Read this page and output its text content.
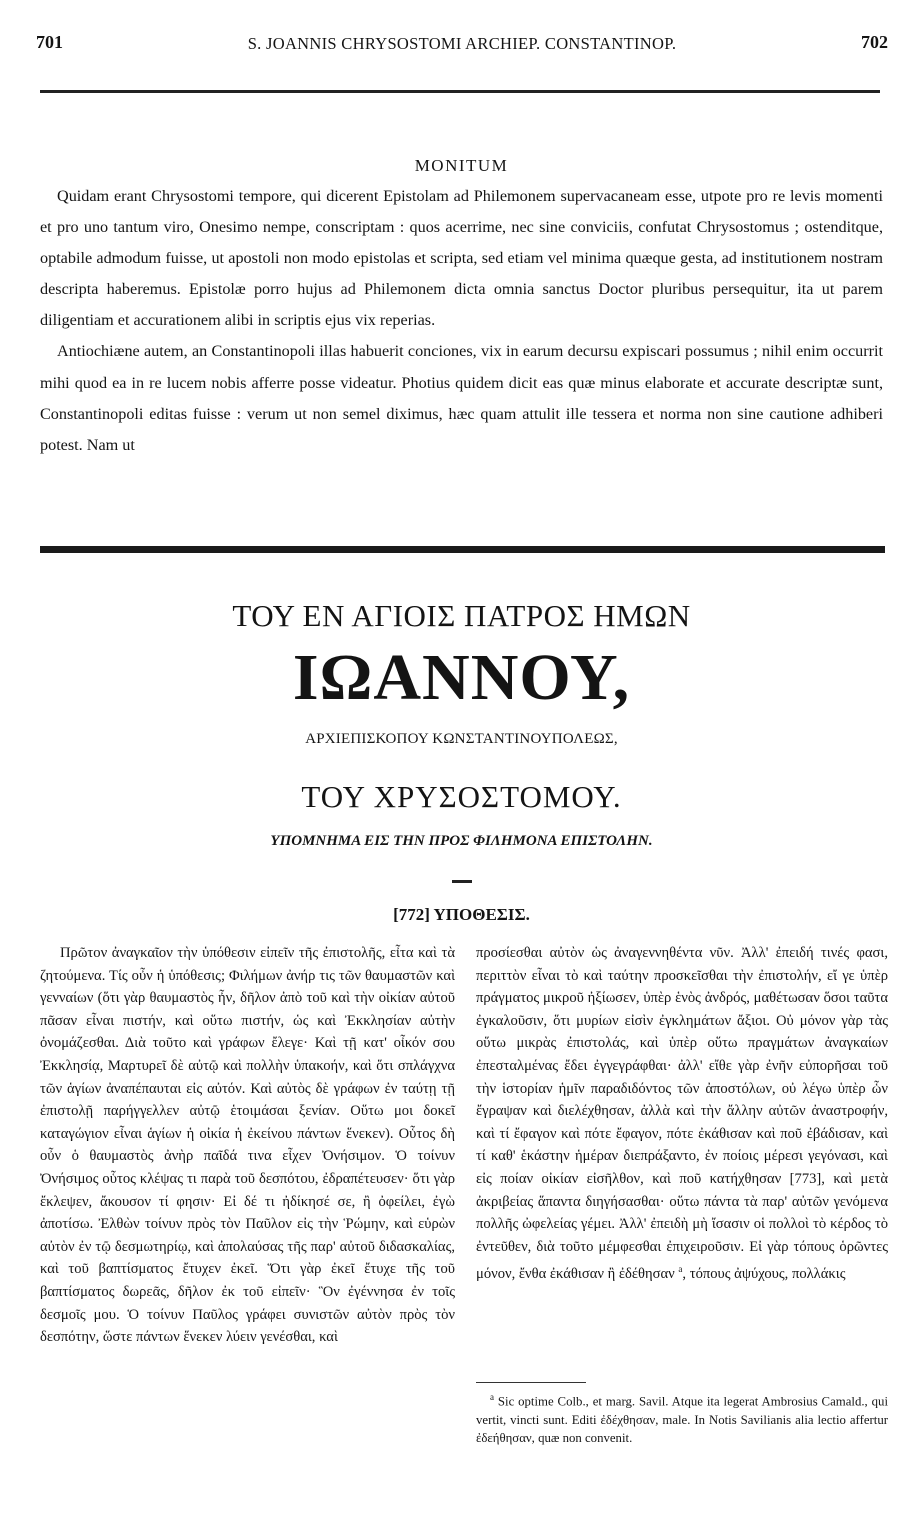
701	S. JOANNIS CHRYSOSTOMI ARCHIEP. CONSTANTINOP.	702
MONITUM

Quidam erant Chrysostomi tempore, qui dicerent Epistolam ad Philemonem supervacaneam esse, utpote pro re levis momenti et pro uno tantum viro, Onesimo nempe, conscriptam : quos acerrime, nec sine conviciis, confutat Chrysostomus ; ostenditque, optabile admodum fuisse, ut apostoli non modo epistolas et scripta, sed etiam vel minima quæque gesta, ad institutionem nostram descripta haberemus. Epistolæ porro hujus ad Philemonem dicta omnia sanctus Doctor pluribus persequitur, ita ut parem diligentiam et accurationem alibi in scriptis ejus vix reperias.

Antiochiæne autem, an Constantinopoli illas habuerit conciones, vix in earum decursu expiscari possumus ; nihil enim occurrit mihi quod ea in re lucem nobis afferre posse videatur. Photius quidem dicit eas quæ minus elaborate et accurate descriptæ sunt, Constantinopoli editas fuisse : verum ut non semel diximus, hæc quam attulit ille tessera et norma non sine cautione adhiberi potest. Nam ut

ΤΟΥ ΕΝ ΑΓΙΟΙΣ ΠΑΤΡΟΣ ΗΜΩΝ
ΙΩΑΝΝΟΥ,
ΑΡΧΙΕΠΙΣΚΟΠΟΥ ΚΩΝΣΤΑΝΤΙΝΟΥΠΟΛΕΩΣ,
ΤΟΥ ΧΡΥΣΟΣΤΟΜΟΥ.
ΥΠΟΜΝΗΜΑ ΕΙΣ ΤΗΝ ΠΡΟΣ ΦΙΛΗΜΟΝΑ ΕΠΙΣΤΟΛΗΝ.
[772] ΥΠΟΘΕΣΙΣ.

Πρῶτον ἀναγκαῖον τὴν ὑπόθεσιν εἰπεῖν τῆς ἐπιστολῆς, εἶτα καὶ τὰ ζητούμενα. Τίς οὖν ἡ ὑπόθεσις; Φιλήμων ἀνήρ τις τῶν θαυμαστῶν καὶ γενναίων (ὅτι γὰρ θαυμαστὸς ἦν, δῆλον ἀπὸ τοῦ καὶ τὴν οἰκίαν αὐτοῦ πᾶσαν εἶναι πιστήν, καὶ οὕτω πιστήν, ὡς καὶ Ἐκκλησίαν αὐτὴν ὀνομάζεσθαι. Διὰ τοῦτο καὶ γράφων ἔλεγε· Καὶ τῇ κατ' οἶκόν σου Ἐκκλησίᾳ, Μαρτυρεῖ δὲ αὐτῷ καὶ πολλὴν ὑπακοήν, καὶ ὅτι σπλάγχνα τῶν ἁγίων ἀναπέπαυται εἰς αὐτόν. Καὶ αὐτὸς δὲ γράφων ἐν ταύτῃ τῇ ἐπιστολῇ παρήγγελλεν αὐτῷ ἑτοιμάσαι ξενίαν. Οὕτω μοι δοκεῖ καταγώγιον εἶναι ἁγίων ἡ οἰκία ἡ ἐκείνου πάντων ἕνεκεν). Οὗτος δὴ οὖν ὁ θαυμαστὸς ἀνὴρ παῖδά τινα εἶχεν Ὀνήσιμον. Ὁ τοίνυν Ὀνήσιμος οὗτος κλέψας τι παρὰ τοῦ δεσπότου, ἐδραπέτευσεν· ὅτι γὰρ ἔκλεψεν, ἄκουσον τί φησιν· Εἰ δέ τι ἠδίκησέ σε, ἢ ὀφείλει, ἐγὼ ἀποτίσω. Ἐλθὼν τοίνυν πρὸς τὸν Παῦλον εἰς τὴν Ῥώμην, καὶ εὑρὼν αὐτὸν ἐν τῷ δεσμωτηρίῳ, καὶ ἀπολαύσας τῆς παρ' αὐτοῦ διδασκαλίας, καὶ τοῦ βαπτίσματος ἔτυχεν ἐκεῖ. Ὅτι γὰρ ἐκεῖ ἔτυχε τῆς τοῦ βαπτίσματος δωρεᾶς, δῆλον ἐκ τοῦ εἰπεῖν· Ὃν ἐγέννησα ἐν τοῖς δεσμοῖς μου. Ὁ τοίνυν Παῦλος γράφει συνιστῶν αὐτὸν πρὸς τὸν δεσπότην, ὥστε πάντων ἕνεκεν λύειν γενέσθαι, καὶ

προσίεσθαι αὐτὸν ὡς ἀναγεννηθέντα νῦν. Ἀλλ' ἐπειδή τινές φασι, περιττὸν εἶναι τὸ καὶ ταύτην προσκεῖσθαι τὴν ἐπιστολήν, εἴ γε ὑπὲρ πράγματος μικροῦ ἠξίωσεν, ὑπὲρ ἑνὸς ἀνδρός, μαθέτωσαν ὅσοι ταῦτα ἐγκαλοῦσιν, ὅτι μυρίων εἰσὶν ἐγκλημάτων ἄξιοι. Οὐ μόνον γὰρ τὰς οὕτω μικρὰς ἐπιστολάς, καὶ ὑπὲρ οὕτω πραγμάτων ἀναγκαίων ἐπεσταλμένας ἔδει ἐγγεγράφθαι· ἀλλ' εἴθε γὰρ ἐνῆν εὐπορῆσαι τοῦ τὴν ἱστορίαν ἡμῖν παραδιδόντος τῶν ἀποστόλων, οὐ λέγω ὑπὲρ ὧν ἔγραψαν καὶ διελέχθησαν, ἀλλὰ καὶ τὴν ἄλλην αὐτῶν ἀναστροφήν, καὶ τί ἔφαγον καὶ πότε ἔφαγον, πότε ἐκάθισαν καὶ ποῦ ἐβάδισαν, καὶ τί καθ' ἑκάστην ἡμέραν διεπράξαντο, ἐν ποίοις μέρεσι γεγόνασι, καὶ εἰς ποίαν οἰκίαν εἰσῆλθον, καὶ ποῦ κατήχθησαν [773], καὶ μετὰ ἀκριβείας ἅπαντα διηγήσασθαι· οὕτω πάντα τὰ παρ' αὐτῶν γενόμενα πολλῆς ὠφελείας γέμει. Ἀλλ' ἐπειδὴ μὴ ἴσασιν οἱ πολλοὶ τὸ κέρδος τὸ ἐντεῦθεν, διὰ τοῦτο μέμφεσθαι ἐπιχειροῦσιν. Εἰ γὰρ τόπους ὁρῶντες μόνον, ἔνθα ἐκάθισαν ἢ ἐδέθησαν $^a$, τόπους ἀψύχους, πολλάκις

$^a$ Sic optime Colb., et marg. Savil. Atque ita legerat Ambrosius Camald., qui vertit, vincti sunt. Editi ἐδέχθησαν, male. In Notis Savilianis alia lectio affertur ἐδεήθησαν, quæ non convenit.
